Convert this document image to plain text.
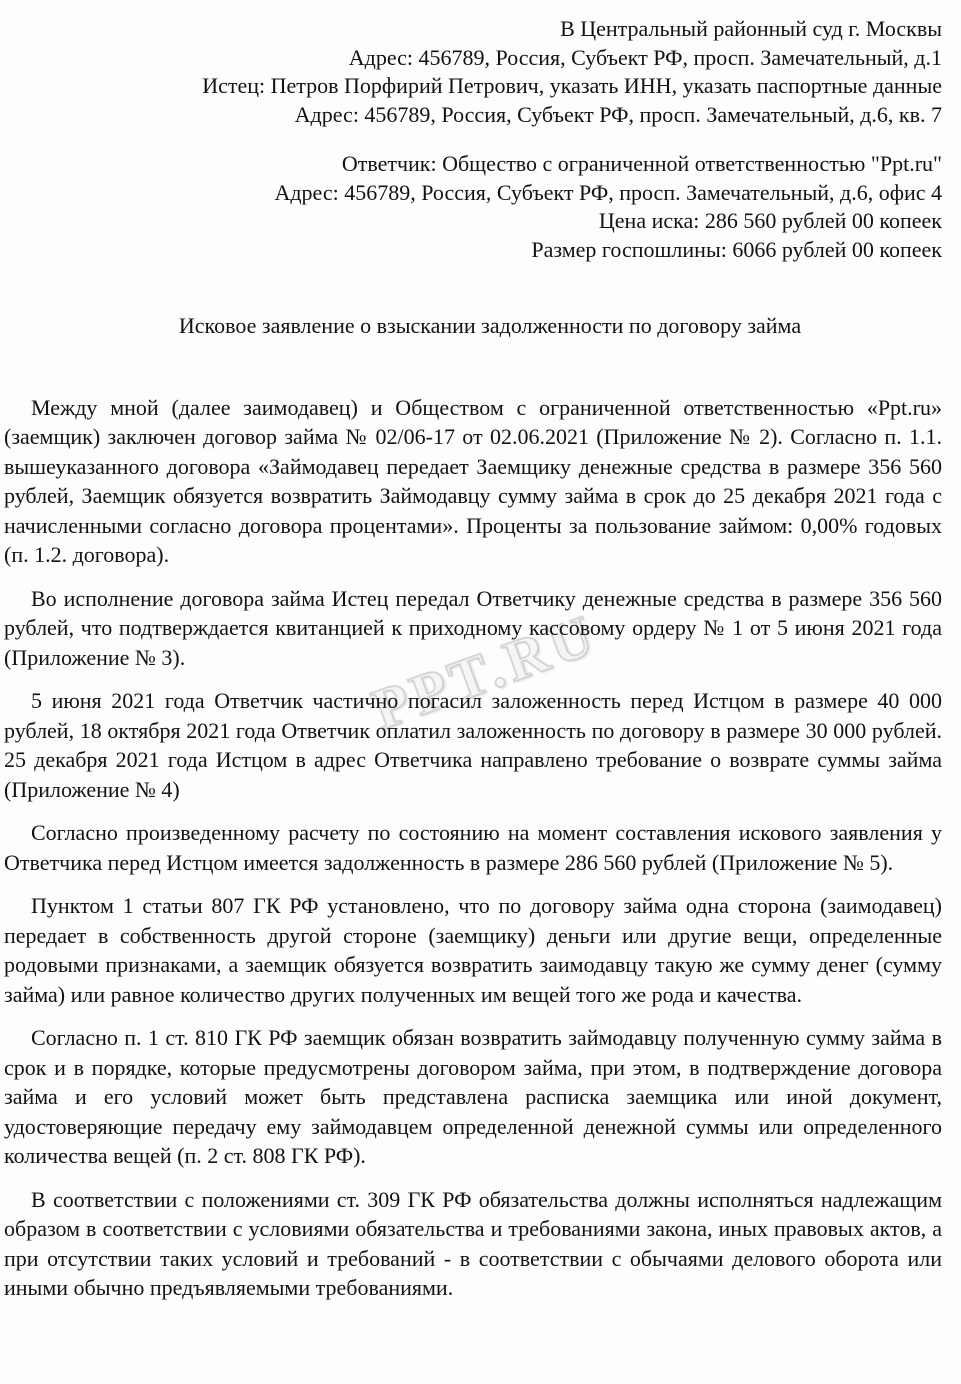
PPT.RU
В Центральный районный суд г. Москвы
Адрес: 456789, Россия, Субъект РФ, просп. Замечательный, д.1
Истец: Петров Порфирий Петрович, указать ИНН, указать паспортные данные
Адрес: 456789, Россия, Субъект РФ, просп. Замечательный, д.6, кв. 7
Ответчик: Общество с ограниченной ответственностью "Ppt.ru"
Адрес: 456789, Россия, Субъект РФ, просп. Замечательный, д.6, офис 4
Цена иска: 286 560 рублей 00 копеек
Размер госпошлины: 6066 рублей 00 копеек
Исковое заявление о взыскании задолженности по договору займа

Между мной (далее заимодавец) и Обществом с ограниченной ответственностью «Ppt.ru» (заемщик) заключен договор займа № 02/06-17 от 02.06.2021 (Приложение № 2). Согласно п. 1.1. вышеуказанного договора «Займодавец передает Заемщику денежные средства в размере 356 560 рублей, Заемщик обязуется возвратить Займодавцу сумму займа в срок до 25 декабря 2021 года с начисленными согласно договора процентами». Проценты за пользование займом: 0,00% годовых (п. 1.2. договора).

Во исполнение договора займа Истец передал Ответчику денежные средства в размере 356 560 рублей, что подтверждается квитанцией к приходному кассовому ордеру № 1 от 5 июня 2021 года (Приложение № 3).

5 июня 2021 года Ответчик частично погасил заложенность перед Истцом в размере 40 000 рублей, 18 октября 2021 года Ответчик оплатил заложенность по договору в размере 30 000 рублей. 25 декабря 2021 года Истцом в адрес Ответчика направлено требование о возврате суммы займа (Приложение № 4)

Согласно произведенному расчету по состоянию на момент составления искового заявления у Ответчика перед Истцом имеется задолженность в размере 286 560 рублей (Приложение № 5).

Пунктом 1 статьи 807 ГК РФ установлено, что по договору займа одна сторона (заимодавец) передает в собственность другой стороне (заемщику) деньги или другие вещи, определенные родовыми признаками, а заемщик обязуется возвратить заимодавцу такую же сумму денег (сумму займа) или равное количество других полученных им вещей того же рода и качества.

Согласно п. 1 ст. 810 ГК РФ заемщик обязан возвратить займодавцу полученную сумму займа в срок и в порядке, которые предусмотрены договором займа, при этом, в подтверждение договора займа и его условий может быть представлена расписка заемщика или иной документ, удостоверяющие передачу ему займодавцем определенной денежной суммы или определенного количества вещей (п. 2 ст. 808 ГК РФ).

В соответствии с положениями ст. 309 ГК РФ обязательства должны исполняться надлежащим образом в соответствии с условиями обязательства и требованиями закона, иных правовых актов, а при отсутствии таких условий и требований - в соответствии с обычаями делового оборота или иными обычно предъявляемыми требованиями.
